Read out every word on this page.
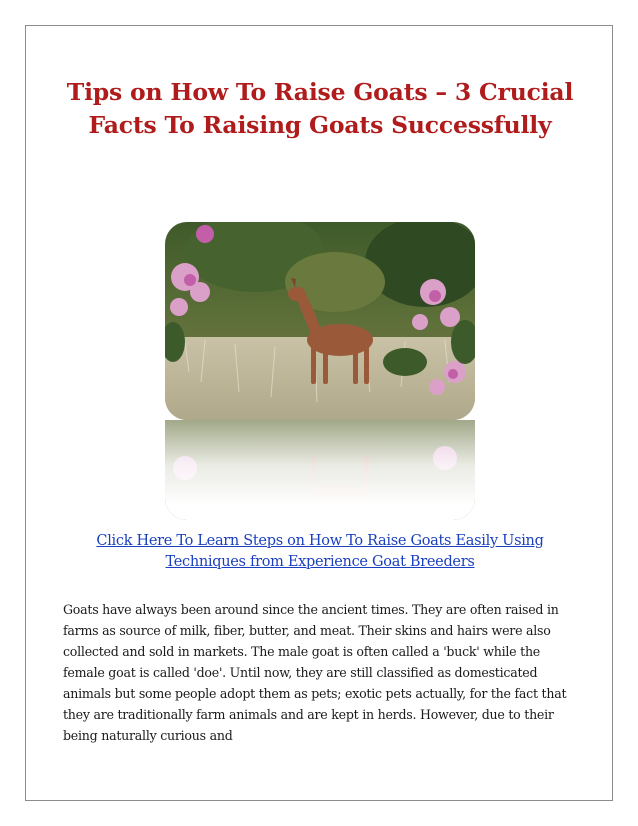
Tips on How To Raise Goats – 3 Crucial Facts To Raising Goats Successfully
Click Here To Learn Steps on How To Raise Goats Easily Using Techniques from Experience Goat Breeders

Goats have always been around since the ancient times. They are often raised in farms as source of milk, fiber, butter, and meat. Their skins and hairs were also collected and sold in markets. The male goat is often called a 'buck' while the female goat is called 'doe'. Until now, they are still classified as domesticated animals but some people adopt them as pets; exotic pets actually, for the fact that they are traditionally farm animals and are kept in herds. However, due to their being naturally curious and
